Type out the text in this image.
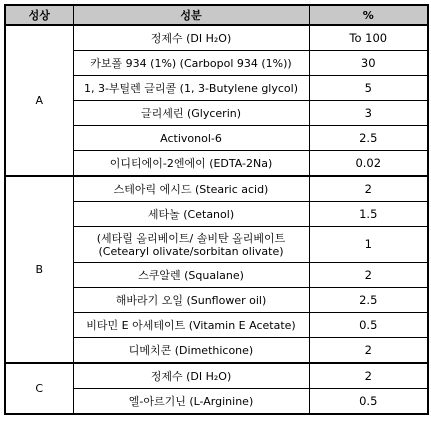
성상	성분	%
A	정제수 (DI H₂O)	To 100
	카보폴 934 (1%) (Carbopol 934 (1%))	30
	1, 3-부틸렌 글리콜 (1, 3-Butylene glycol)	5
	글리세린 (Glycerin)	3
	Activonol-6	2.5
	이디티에이-2엔에이 (EDTA-2Na)	0.02
B	스테아릭 에시드 (Stearic acid)	2
	세타놀 (Cetanol)	1.5
	(세타릴 올리베이트/ 솔비탄 올리베이트 (Cetearyl olivate/sorbitan olivate)	1
	스쿠알렌 (Squalane)	2
	해바라기 오일 (Sunflower oil)	2.5
	비타민 E 아세테이트 (Vitamin E Acetate)	0.5
	디메치콘 (Dimethicone)	2
C	정제수 (DI H₂O)	2
	엘-아르기닌 (L-Arginine)	0.5
